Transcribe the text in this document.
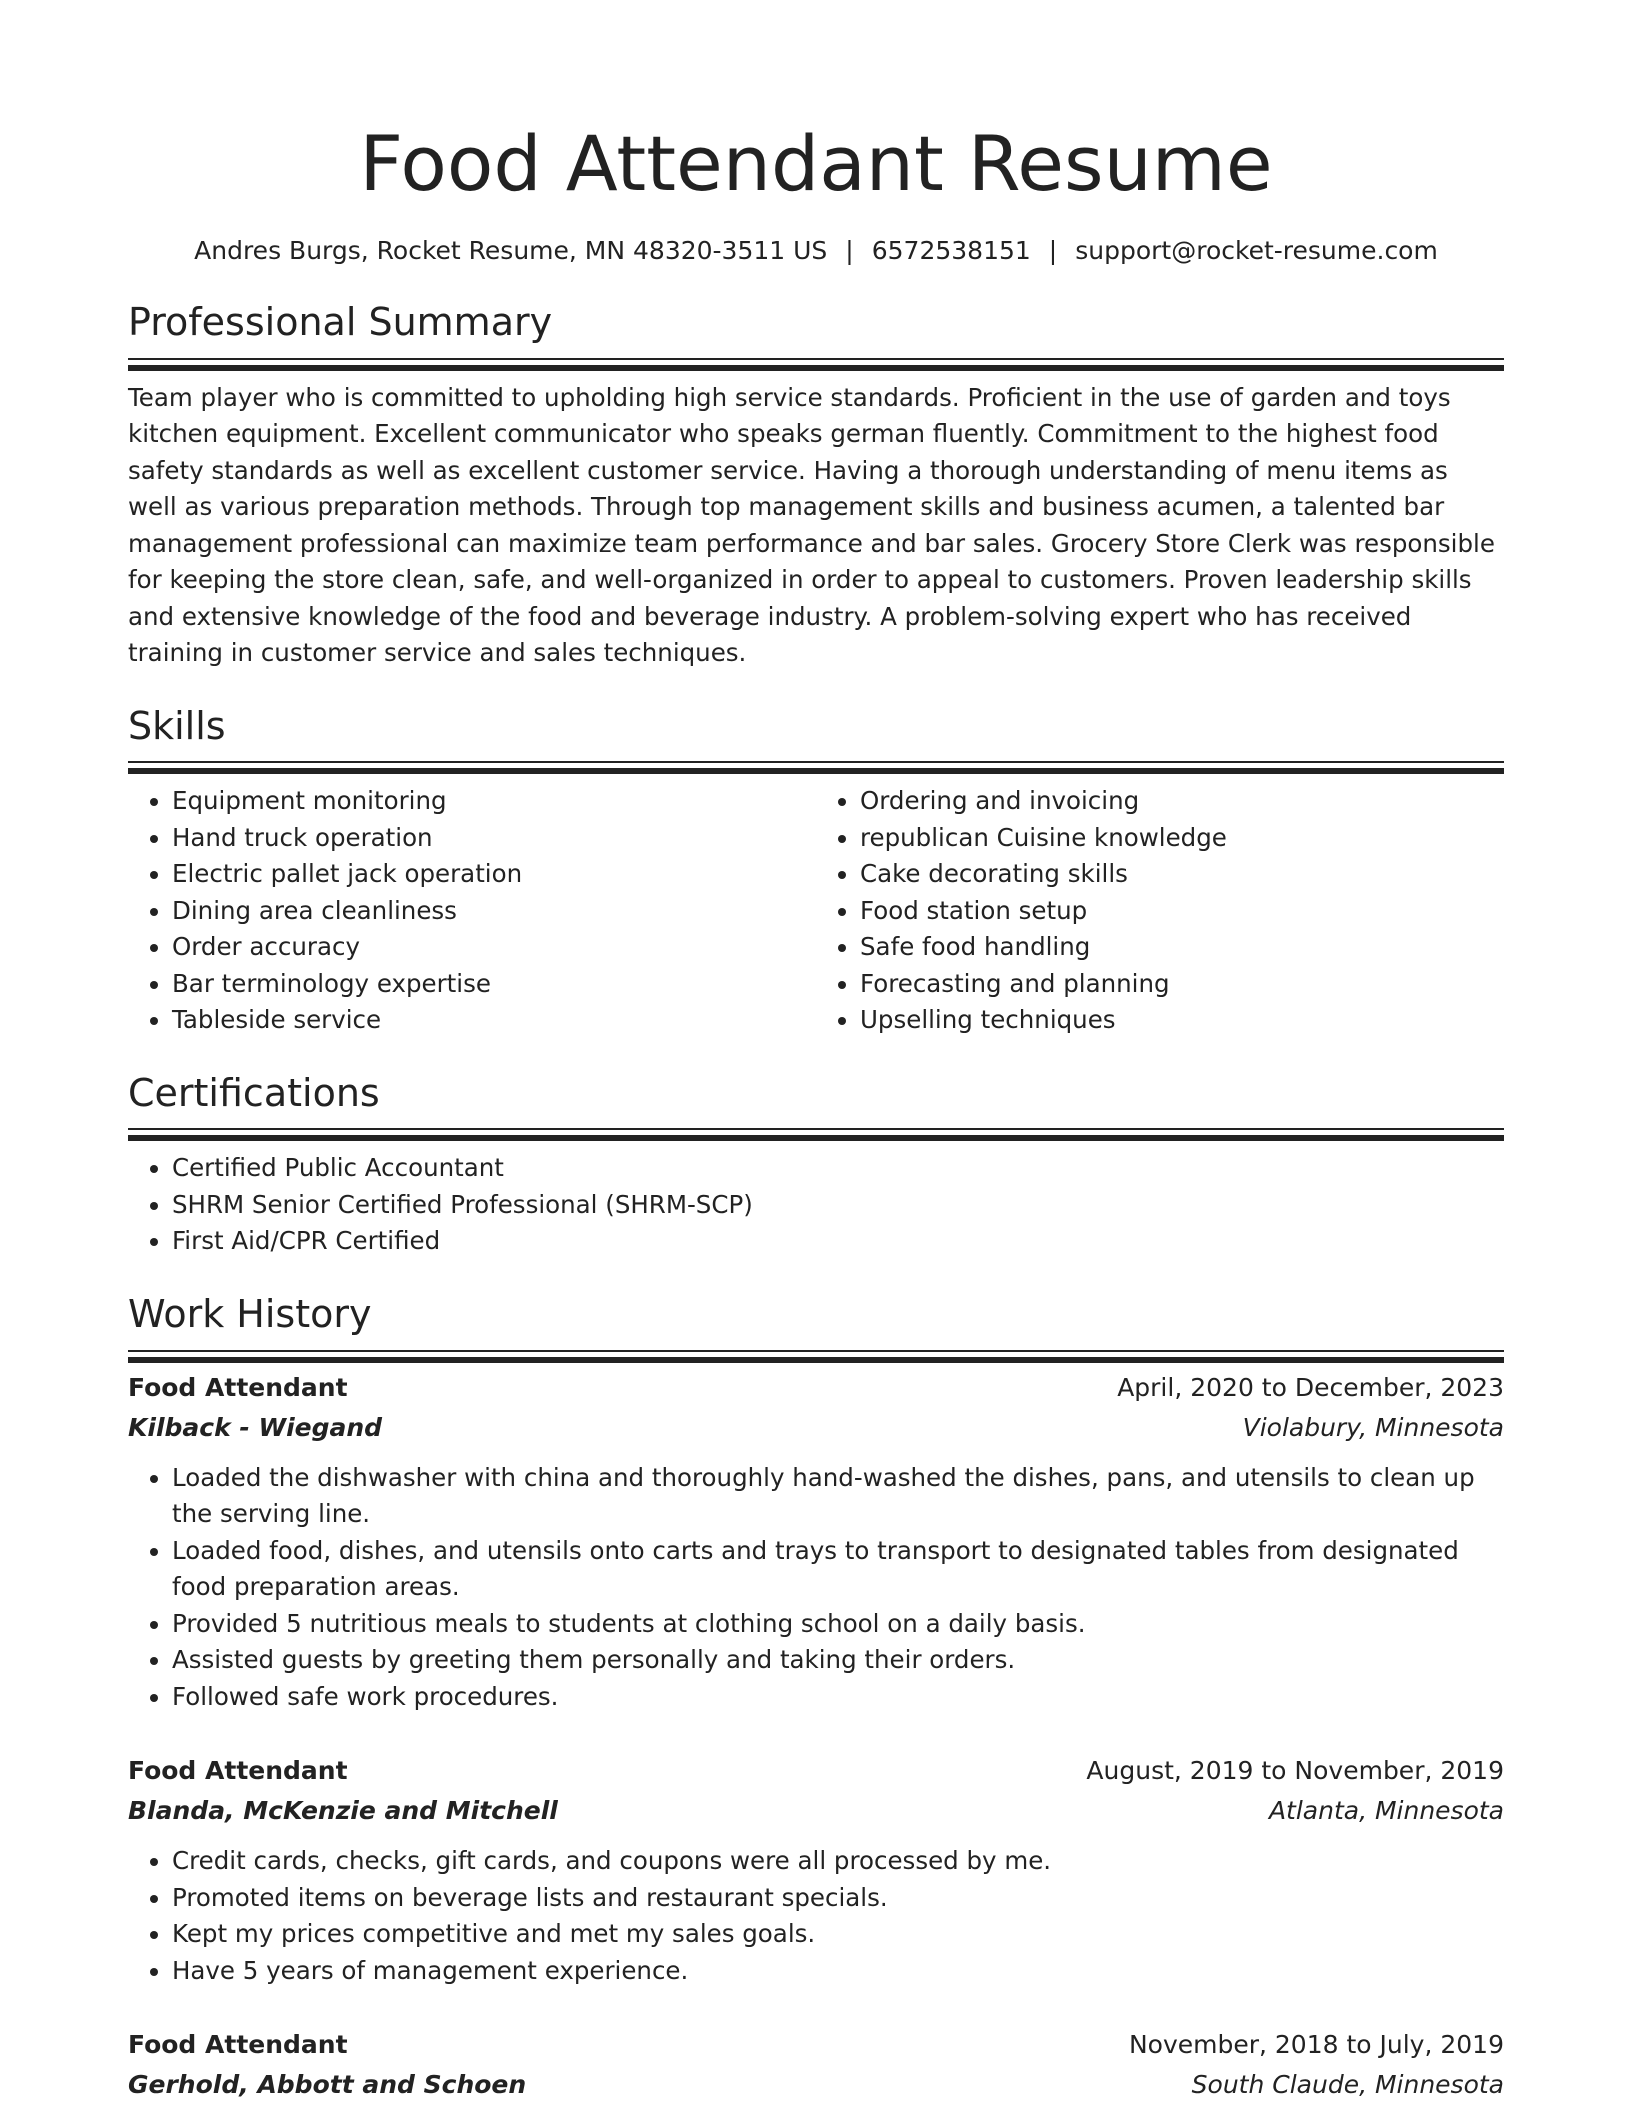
Food Attendant Resume
Andres Burgs, Rocket Resume, MN 48320-3511 US | 6572538151 | support@rocket-resume.com
Professional Summary

Team player who is committed to upholding high service standards. Proficient in the use of garden and toys kitchen equipment. Excellent communicator who speaks german fluently. Commitment to the highest food safety standards as well as excellent customer service. Having a thorough understanding of menu items as well as various preparation methods. Through top management skills and business acumen, a talented bar management professional can maximize team performance and bar sales. Grocery Store Clerk was responsible for keeping the store clean, safe, and well-organized in order to appeal to customers. Proven leadership skills and extensive knowledge of the food and beverage industry. A problem-solving expert who has received training in customer service and sales techniques.

Skills
• Equipment monitoring
• Hand truck operation
• Electric pallet jack operation
• Dining area cleanliness
• Order accuracy
• Bar terminology expertise
• Tableside service
• Ordering and invoicing
• republican Cuisine knowledge
• Cake decorating skills
• Food station setup
• Safe food handling
• Forecasting and planning
• Upselling techniques
Certifications
• Certified Public Accountant
• SHRM Senior Certified Professional (SHRM-SCP)
• First Aid/CPR Certified
Work History
Food Attendant	April, 2020 to December, 2023
Kilback - Wiegand	Violabury, Minnesota
• Loaded the dishwasher with china and thoroughly hand-washed the dishes, pans, and utensils to clean up the serving line.
• Loaded food, dishes, and utensils onto carts and trays to transport to designated tables from designated food preparation areas.
• Provided 5 nutritious meals to students at clothing school on a daily basis.
• Assisted guests by greeting them personally and taking their orders.
• Followed safe work procedures.
Food Attendant	August, 2019 to November, 2019
Blanda, McKenzie and Mitchell	Atlanta, Minnesota
• Credit cards, checks, gift cards, and coupons were all processed by me.
• Promoted items on beverage lists and restaurant specials.
• Kept my prices competitive and met my sales goals.
• Have 5 years of management experience.
Food Attendant	November, 2018 to July, 2019
Gerhold, Abbott and Schoen	South Claude, Minnesota
